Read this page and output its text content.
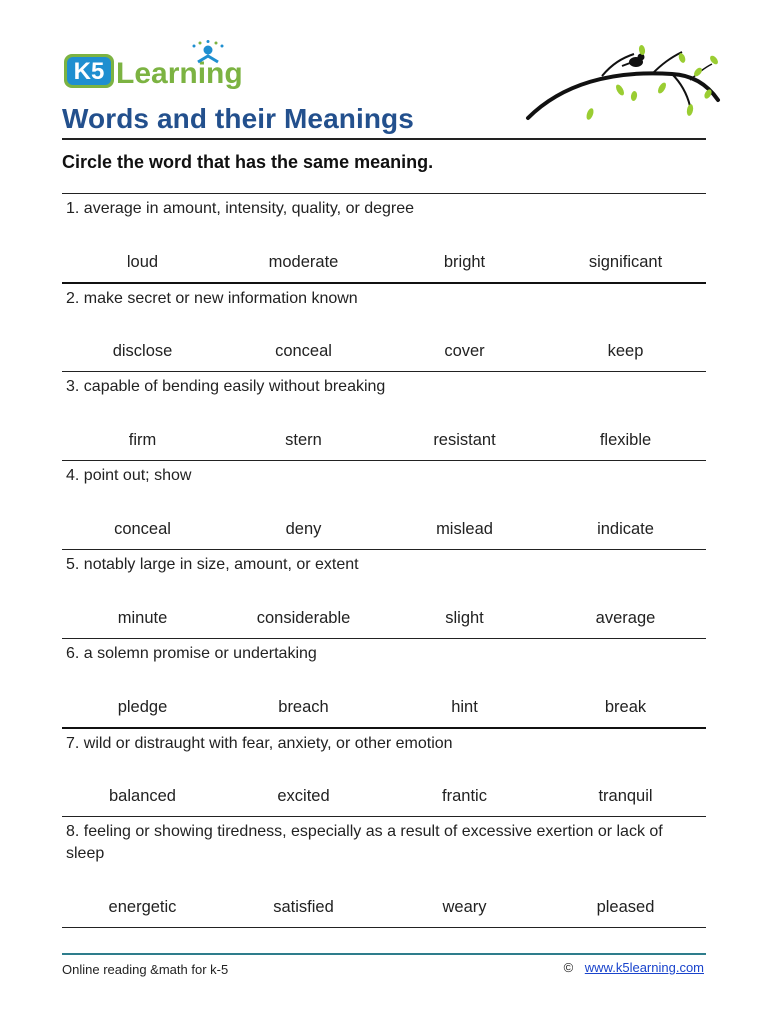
K5 Learning
Words and their Meanings
Circle the word that has the same meaning.
1. average in amount, intensity, quality, or degree
loud	moderate	bright	significant
2. make secret or new information known
disclose	conceal	cover	keep
3. capable of bending easily without breaking
firm	stern	resistant	flexible
4. point out; show
conceal	deny	mislead	indicate
5. notably large in size, amount, or extent
minute	considerable	slight	average
6. a solemn promise or undertaking
pledge	breach	hint	break
7. wild or distraught with fear, anxiety, or other emotion
balanced	excited	frantic	tranquil
8. feeling or showing tiredness, especially as a result of excessive exertion or lack of sleep
energetic	satisfied	weary	pleased
Online reading &math for k-5	© www.k5learning.com
